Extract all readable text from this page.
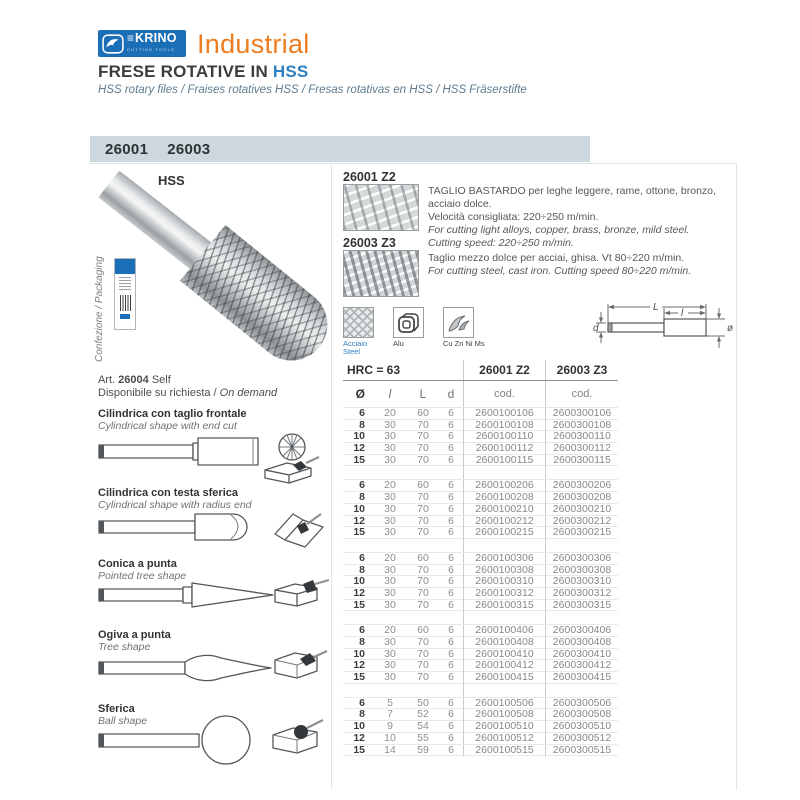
≡KRINO
CUTTING TOOLS Industrial
FRESE ROTATIVE IN HSS
HSS rotary files / Fraises rotatives HSS / Fresas rotativas en HSS / HSS Fräserstifte
26001 26003
HSS
Confezione / Packaging
Art. 26004 Self
Disponibile su richiesta / On demand
Cilindrica con taglio frontale
Cylindrical shape with end cut
Cilindrica con testa sferica
Cylindrical shape with radius end
Conica a punta
Pointed tree shape
Ogiva a punta
Tree shape
Sferica
Ball shape
26001 Z2
TAGLIO BASTARDO per leghe leggere, rame, ottone, bronzo, acciaio dolce.
Velocità consigliata: 220÷250 m/min.
For cutting light alloys, copper, brass, bronze, mild steel.
Cutting speed: 220÷250 m/min.
26003 Z3
Taglio mezzo dolce per acciai, ghisa. Vt 80÷220 m/min.
For cutting steel, cast iron. Cutting speed 80÷220 m/min.
Acciaio
Steel
Alu	Cu Zn Ni Ms
L
l
d	ø
HRC = 63	26001 Z2	26003 Z3
Ø	l	L	d	cod.	cod.
6	20	60	6	2600100106	2600300106
8	30	70	6	2600100108	2600300108
10	30	70	6	2600100110	2600300110
12	30	70	6	2600100112	2600300112
15	30	70	6	2600100115	2600300115
6	20	60	6	2600100206	2600300206
8	30	70	6	2600100208	2600300208
10	30	70	6	2600100210	2600300210
12	30	70	6	2600100212	2600300212
15	30	70	6	2600100215	2600300215
6	20	60	6	2600100306	2600300306
8	30	70	6	2600100308	2600300308
10	30	70	6	2600100310	2600300310
12	30	70	6	2600100312	2600300312
15	30	70	6	2600100315	2600300315
6	20	60	6	2600100406	2600300406
8	30	70	6	2600100408	2600300408
10	30	70	6	2600100410	2600300410
12	30	70	6	2600100412	2600300412
15	30	70	6	2600100415	2600300415
6	5	50	6	2600100506	2600300506
8	7	52	6	2600100508	2600300508
10	9	54	6	2600100510	2600300510
12	10	55	6	2600100512	2600300512
15	14	59	6	2600100515	2600300515
